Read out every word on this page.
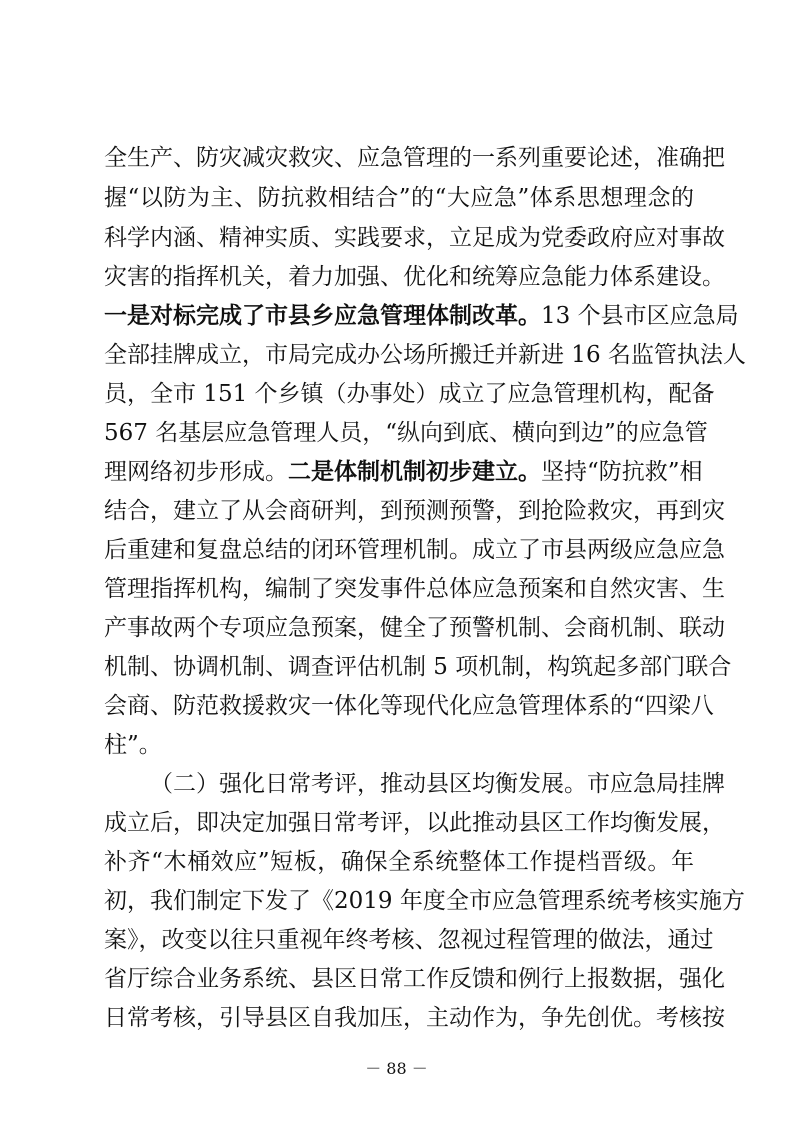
全生产、防灾减灾救灾、应急管理的一系列重要论述，准确把
握“以防为主、防抗救相结合”的“大应急”体系思想理念的
科学内涵、精神实质、实践要求，立足成为党委政府应对事故
灾害的指挥机关，着力加强、优化和统筹应急能力体系建设。
一是对标完成了市县乡应急管理体制改革。13 个县市区应急局
全部挂牌成立，市局完成办公场所搬迁并新进 16 名监管执法人
员，全市 151 个乡镇（办事处）成立了应急管理机构，配备
567 名基层应急管理人员，“纵向到底、横向到边”的应急管
理网络初步形成。二是体制机制初步建立。坚持“防抗救”相
结合，建立了从会商研判，到预测预警，到抢险救灾，再到灾
后重建和复盘总结的闭环管理机制。成立了市县两级应急应急
管理指挥机构，编制了突发事件总体应急预案和自然灾害、生
产事故两个专项应急预案，健全了预警机制、会商机制、联动
机制、协调机制、调查评估机制 5 项机制，构筑起多部门联合
会商、防范救援救灾一体化等现代化应急管理体系的“四梁八
柱”。
（二）强化日常考评，推动县区均衡发展。市应急局挂牌
成立后，即决定加强日常考评，以此推动县区工作均衡发展，
补齐“木桶效应”短板，确保全系统整体工作提档晋级。年
初，我们制定下发了《2019 年度全市应急管理系统考核实施方
案》，改变以往只重视年终考核、忽视过程管理的做法，通过
省厅综合业务系统、县区日常工作反馈和例行上报数据，强化
日常考核，引导县区自我加压，主动作为，争先创优。考核按
－ 88 －
